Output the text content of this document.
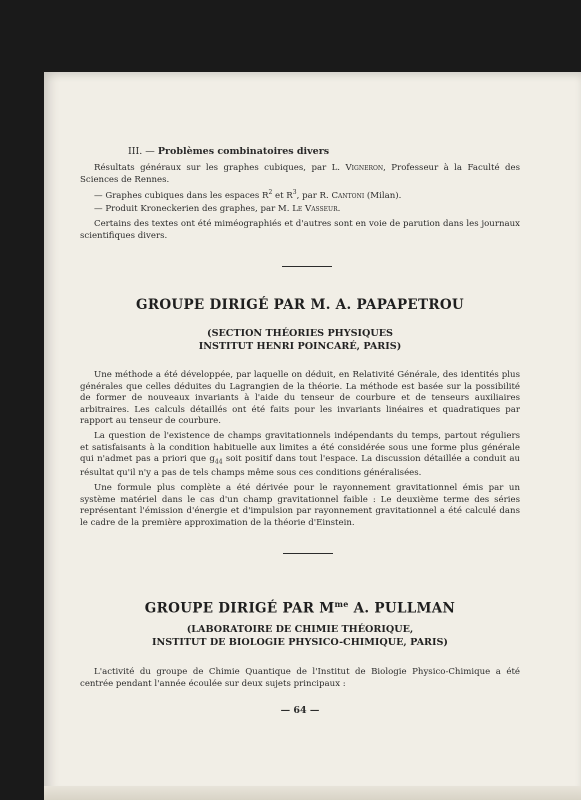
III. — Problèmes combinatoires divers

Résultats généraux sur les graphes cubiques, par L. Vigneron, Professeur à la Faculté des Sciences de Rennes.

— Graphes cubiques dans les espaces $R^2$ et $R^3$, par R. Cantoni (Milan).

— Produit Kroneckerien des graphes, par M. Le Vasseur.

Certains des textes ont été miméographiés et d'autres sont en voie de parution dans les journaux scientifiques divers.

GROUPE DIRIGÉ PAR M. A. PAPAPETROU
(SECTION THÉORIES PHYSIQUES
INSTITUT HENRI POINCARÉ, PARIS)

Une méthode a été développée, par laquelle on déduit, en Relativité Générale, des identités plus générales que celles déduites du Lagrangien de la théorie. La méthode est basée sur la possibilité de former de nouveaux invariants à l'aide du tenseur de courbure et de tenseurs auxiliaires arbitraires. Les calculs détaillés ont été faits pour les invariants linéaires et quadratiques par rapport au tenseur de courbure.

La question de l'existence de champs gravitationnels indépendants du temps, partout réguliers et satisfaisants à la condition habituelle aux limites a été considérée sous une forme plus générale qui n'admet pas a priori que $g_{44}$ soit positif dans tout l'espace. La discussion détaillée a conduit au résultat qu'il n'y a pas de tels champs même sous ces conditions généralisées.

Une formule plus complète a été dérivée pour le rayonnement gravitationnel émis par un système matériel dans le cas d'un champ gravitationnel faible : Le deuxième terme des séries représentant l'émission d'énergie et d'impulsion par rayonnement gravitationnel a été calculé dans le cadre de la première approximation de la théorie d'Einstein.

GROUPE DIRIGÉ PAR $M^{me}$ A. PULLMAN
(LABORATOIRE DE CHIMIE THÉORIQUE,
INSTITUT DE BIOLOGIE PHYSICO-CHIMIQUE, PARIS)

L'activité du groupe de Chimie Quantique de l'Institut de Biologie Physico-Chimique a été centrée pendant l'année écoulée sur deux sujets principaux :

— 64 —
